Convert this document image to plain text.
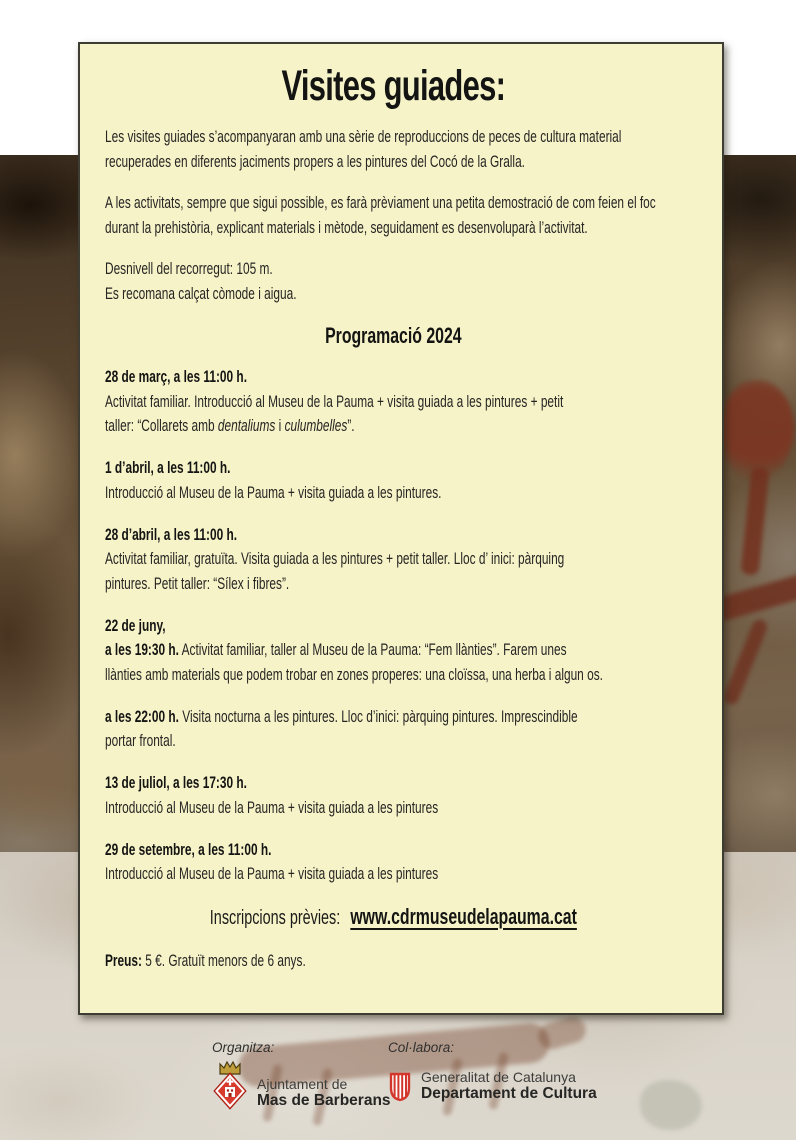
Visites guiades:
Les visites guiades s’acompanyaran amb una sèrie de reproduccions de peces de cultura material
recuperades en diferents jaciments propers a les pintures del Cocó de la Gralla.
A les activitats, sempre que sigui possible, es farà prèviament una petita demostració de com feien el foc
durant la prehistòria, explicant materials i mètode, seguidament es desenvoluparà l’activitat.
Desnivell del recorregut: 105 m.
Es recomana calçat còmode i aigua.
Programació 2024
28 de març, a les 11:00 h.
Activitat familiar. Introducció al Museu de la Pauma + visita guiada a les pintures + petit
taller: “Collarets amb dentaliums i culumbelles”.
1 d’abril, a les 11:00 h.
Introducció al Museu de la Pauma + visita guiada a les pintures.
28 d’abril, a les 11:00 h.
Activitat familiar, gratuïta. Visita guiada a les pintures + petit taller. Lloc d’ inici: pàrquing
pintures. Petit taller: “Sílex i fibres”.
22 de juny,
a les 19:30 h. Activitat familiar, taller al Museu de la Pauma: “Fem llànties”. Farem unes
llànties amb materials que podem trobar en zones properes: una cloïssa, una herba i algun os.
a les 22:00 h. Visita nocturna a les pintures. Lloc d’inici: pàrquing pintures. Imprescindible
portar frontal.
13 de juliol, a les 17:30 h.
Introducció al Museu de la Pauma + visita guiada a les pintures
29 de setembre, a les 11:00 h.
Introducció al Museu de la Pauma + visita guiada a les pintures
Inscripcions prèvies: www.cdrmuseudelapauma.cat
Preus: 5 €. Gratuït menors de 6 anys.
Organitza:
Ajuntament de
Mas de Barberans
Col·labora:
Generalitat de Catalunya
Departament de Cultura
